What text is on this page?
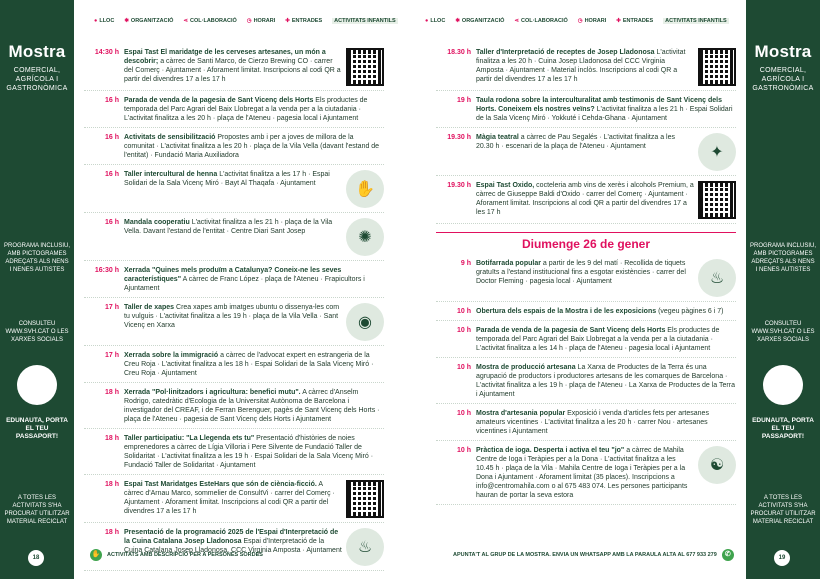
Mostra
COMERCIAL, AGRÍCOLA I GASTRONÒMICA
PROGRAMA INCLUSIU, AMB PICTOGRAMES ADREÇATS ALS NENS I NENES AUTISTES
CONSULTEU WWW.SVH.CAT O LES XARXES SOCIALS
EDUNAUTA, PORTA EL TEU PASSAPORT!
A TOTES LES ACTIVITATS S'HA PROCURAT UTILITZAR MATERIAL RECICLAT
18
Mostra
COMERCIAL, AGRÍCOLA I GASTRONÒMICA
PROGRAMA INCLUSIU, AMB PICTOGRAMES ADREÇATS ALS NENS I NENES AUTISTES
CONSULTEU WWW.SVH.CAT O LES XARXES SOCIALS
EDUNAUTA, PORTA EL TEU PASSAPORT!
A TOTES LES ACTIVITATS S'HA PROCURAT UTILITZAR MATERIAL RECICLAT
19
● LLOC ✱ ORGANITZACIÓ ⋖ COL·LABORACIÓ ◷ HORARI ✚ ENTRADES	ACTIVITATS INFANTILS	● LLOC ✱ ORGANITZACIÓ ⋖ COL·LABORACIÓ ◷ HORARI ✚ ENTRADES	ACTIVITATS INFANTILS
14:30 h Espai Tast El maridatge de les cerveses artesanes, un món a descobrir; a càrrec de Santi Marco, de Cierzo Brewing CO · carrer del Comerç · Ajuntament · Aforament limitat. Inscripcions al codi QR a partir del divendres 17 a les 17 h
16 h Parada de venda de la pagesia de Sant Vicenç dels Horts Els productes de temporada del Parc Agrari del Baix Llobregat a la venda per a la ciutadania · L'activitat finalitza a les 20 h · plaça de l'Ateneu · pagesia local i Ajuntament
16 h Activitats de sensibilització Propostes amb i per a joves de millora de la comunitat · L'activitat finalitza a les 20 h · plaça de la Vila Vella (davant l'estand de l'entitat) · Fundació Maria Auxiliadora
16 h Taller intercultural de henna L'activitat finalitza a les 17 h · Espai Solidari de la Sala Vicenç Miró · Bayt Al Thaqafa · Ajuntament	✋
16 h Mandala cooperatiu L'activitat finalitza a les 21 h · plaça de la Vila Vella. Davant l'estand de l'entitat · Centre Diari Sant Josep	✺
16:30 h Xerrada "Quines mels produïm a Catalunya? Coneix-ne les seves característiques" A càrrec de Franc López · plaça de l'Ateneu · Frapicultors i Ajuntament
17 h Taller de xapes Crea xapes amb imatges ubuntu o dissenya-les com tu vulguis · L'activitat finalitza a les 19 h · plaça de la Vila Vella · Sant Vicenç en Xarxa	◉
17 h Xerrada sobre la immigració a càrrec de l'advocat expert en estrangeria de la Creu Roja · L'activitat finalitza a les 18 h · Espai Solidari de la Sala Vicenç Miró · Creu Roja · Ajuntament
18 h Xerrada "Pol·linitzadors i agricultura: benefici mutu". A càrrec d'Anselm Rodrigo, catedràtic d'Ecologia de la Universitat Autònoma de Barcelona i investigador del CREAF, i de Ferran Berenguer, pagès de Sant Vicenç dels Horts · plaça de l'Ateneu · pagesia de Sant Vicenç dels Horts i Ajuntament
18 h Taller participatiu: "La Llegenda ets tu" Presentació d'històries de noies emprenedores a càrrec de Lígia Villoria i Pere Silvente de Fundació Taller de Solidaritat · L'activitat finalitza a les 19 h · Espai Solidari de la Sala Vicenç Miró · Fundació Taller de Solidaritat · Ajuntament
18 h Espai Tast Maridatges EsteHars que són de ciència-ficció. A càrrec d'Arnau Marco, sommelier de ConsultVi · carrer del Comerç · Ajuntament · Aforament limitat. Inscripcions al codi QR a partir del divendres 17 a les 17 h
18 h Presentació de la programació 2025 de l'Espai d'Interpretació de la Cuina Catalana Josep Lladonosa Espai d'Interpretació de la Cuina Catalana Josep Lladonosa. CCC Virginia Amposta · Ajuntament	♨
18.30 h Taller d'Interpretació de receptes de Josep Lladonosa L'activitat finalitza a les 20 h · Cuina Josep Lladonosa del CCC Virginia Amposta · Ajuntament · Material inclòs. Inscripcions al codi QR a partir del divendres 17 a les 17 h
19 h Taula rodona sobre la interculturalitat amb testimonis de Sant Vicenç dels Horts. Coneixem els nostres veïns? L'activitat finalitza a les 21 h · Espai Solidari de la Sala Vicenç Miró · Yokkuté i Cehda-Ghana · Ajuntament
19.30 h Màgia teatral a càrrec de Pau Segalés · L'activitat finalitza a les 20.30 h · escenari de la plaça de l'Ateneu · Ajuntament	✦
19.30 h Espai Tast Oxido, cocteleria amb vins de xerès i alcohols Premium, a càrrec de Giuseppe Baldi d'Oxido · carrer del Comerç · Ajuntament · Aforament limitat. Inscripcions al codi QR a partir del divendres 17 a les 17 h
Diumenge 26 de gener
9 h Botifarrada popular a partir de les 9 del matí · Recollida de tiquets gratuïts a l'estand institucional fins a esgotar existències · carrer del Doctor Fleming · pagesia local · Ajuntament	♨
10 h Obertura dels espais de la Mostra i de les exposicions (vegeu pàgines 6 i 7)
10 h Parada de venda de la pagesia de Sant Vicenç dels Horts Els productes de temporada del Parc Agrari del Baix Llobregat a la venda per a la ciutadania · L'activitat finalitza a les 14 h · plaça de l'Ateneu · pagesia local i Ajuntament
10 h Mostra de producció artesana La Xarxa de Productes de la Terra és una agrupació de productors i productores artesans de les comarques de Barcelona · L'activitat finalitza a les 19 h · plaça de l'Ateneu · La Xarxa de Productes de la Terra i Ajuntament
10 h Mostra d'artesania popular Exposició i venda d'articles fets per artesanes amateurs vicentines · L'activitat finalitza a les 20 h · carrer Nou · artesanes vicentines i Ajuntament
10 h Pràctica de ioga. Desperta i activa el teu "jo" a càrrec de Mahila Centre de Ioga i Teràpies per a la Dona · L'activitat finalitza a les 10.45 h · plaça de la Vila · Mahila Centre de Ioga i Teràpies per a la Dona i Ajuntament · Aforament limitat (35 places). Inscripcions a info@centromahila.com o al 675 483 074. Les persones participants hauran de portar la seva estora
☯
✋ ACTIVITATS AMB DESCRIPCIÓ PER A PERSONES SORDES	APUNTA'T AL GRUP DE LA MOSTRA. ENVIA UN WHATSAPP AMB LA PARAULA ALTA AL 677 933 279	✆
